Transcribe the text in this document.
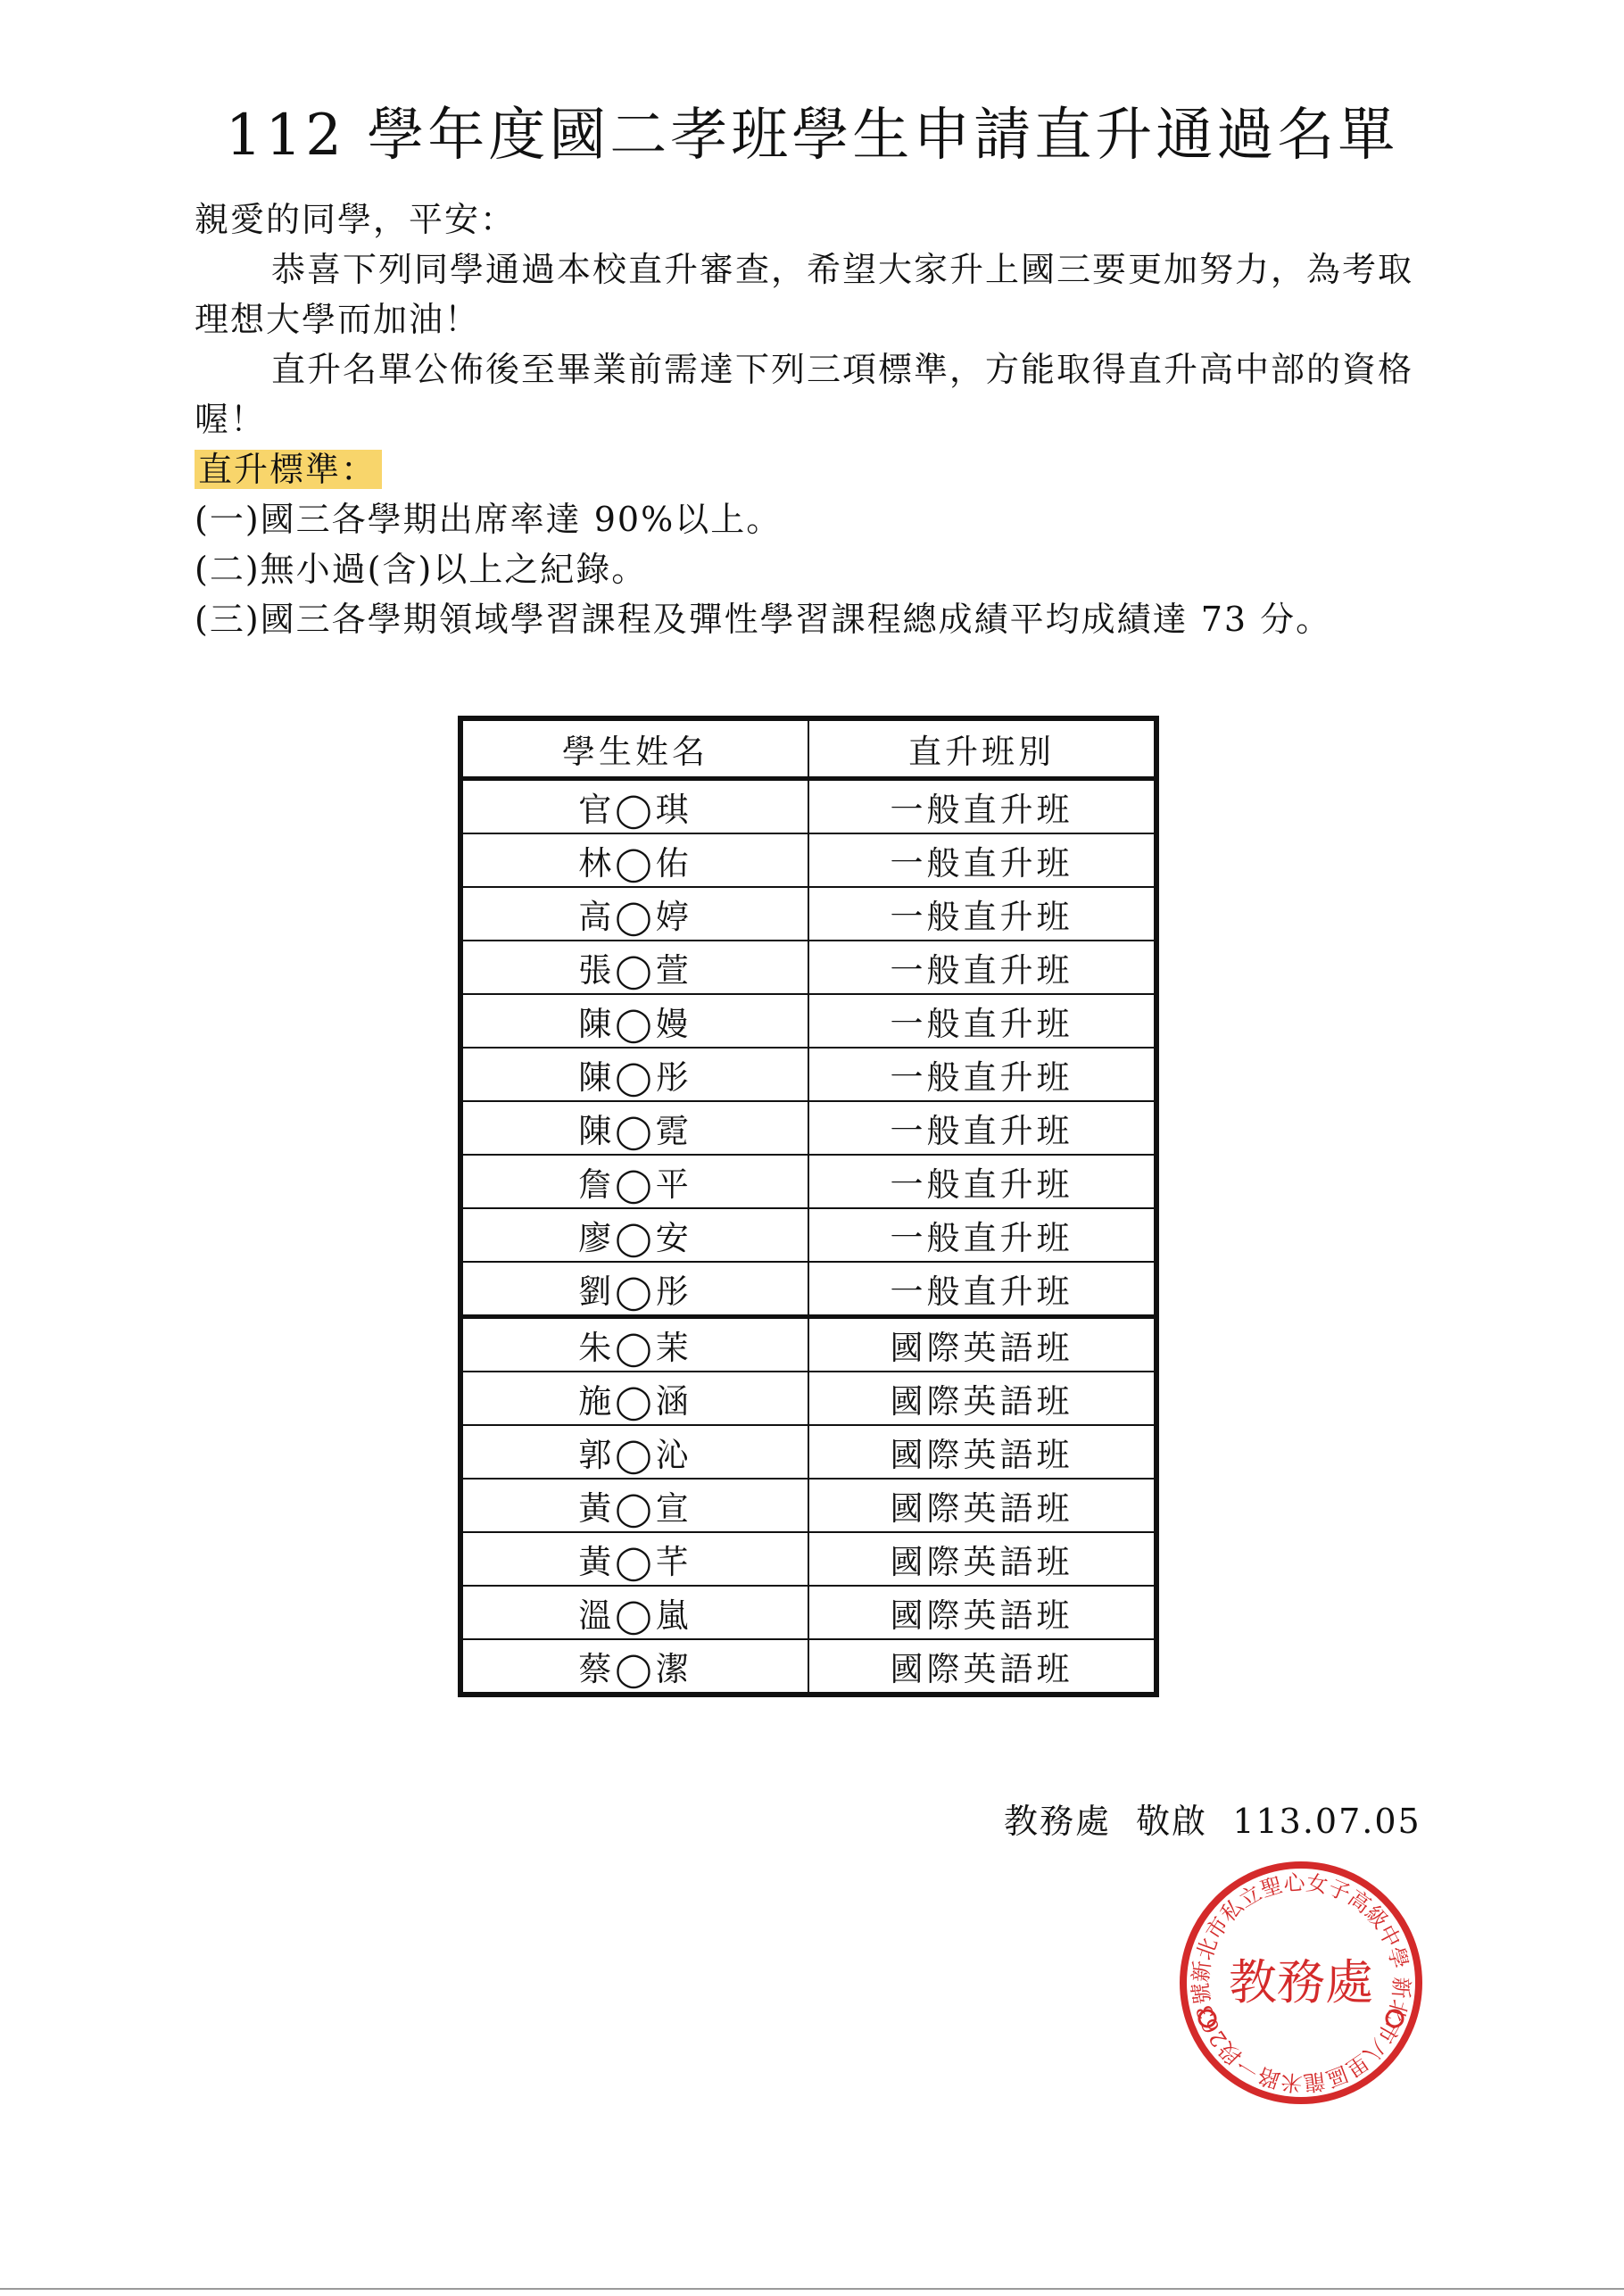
112 學年度國二孝班學生申請直升通過名單

親愛的同學，平安：

恭喜下列同學通過本校直升審查，希望大家升上國三要更加努力，為考取理想大學而加油！

直升名單公佈後至畢業前需達下列三項標準，方能取得直升高中部的資格喔！

直升標準：

(一)國三各學期出席率達 90%以上。

(二)無小過(含)以上之紀錄。

(三)國三各學期領域學習課程及彈性學習課程總成績平均成績達 73 分。

學生姓名	直升班別
官◯琪	一般直升班
林◯佑	一般直升班
高◯婷	一般直升班
張◯萱	一般直升班
陳◯嫚	一般直升班
陳◯彤	一般直升班
陳◯霓	一般直升班
詹◯平	一般直升班
廖◯安	一般直升班
劉◯彤	一般直升班
朱◯茉	國際英語班
施◯涵	國際英語班
郭◯沁	國際英語班
黃◯宣	國際英語班
黃◯芊	國際英語班
溫◯嵐	國際英語班
蔡◯潔	國際英語班
教務處  敬啟  113.07.05
新北市私立聖心女子高級中學 新北市八里區龍米路一段263號 教務處
